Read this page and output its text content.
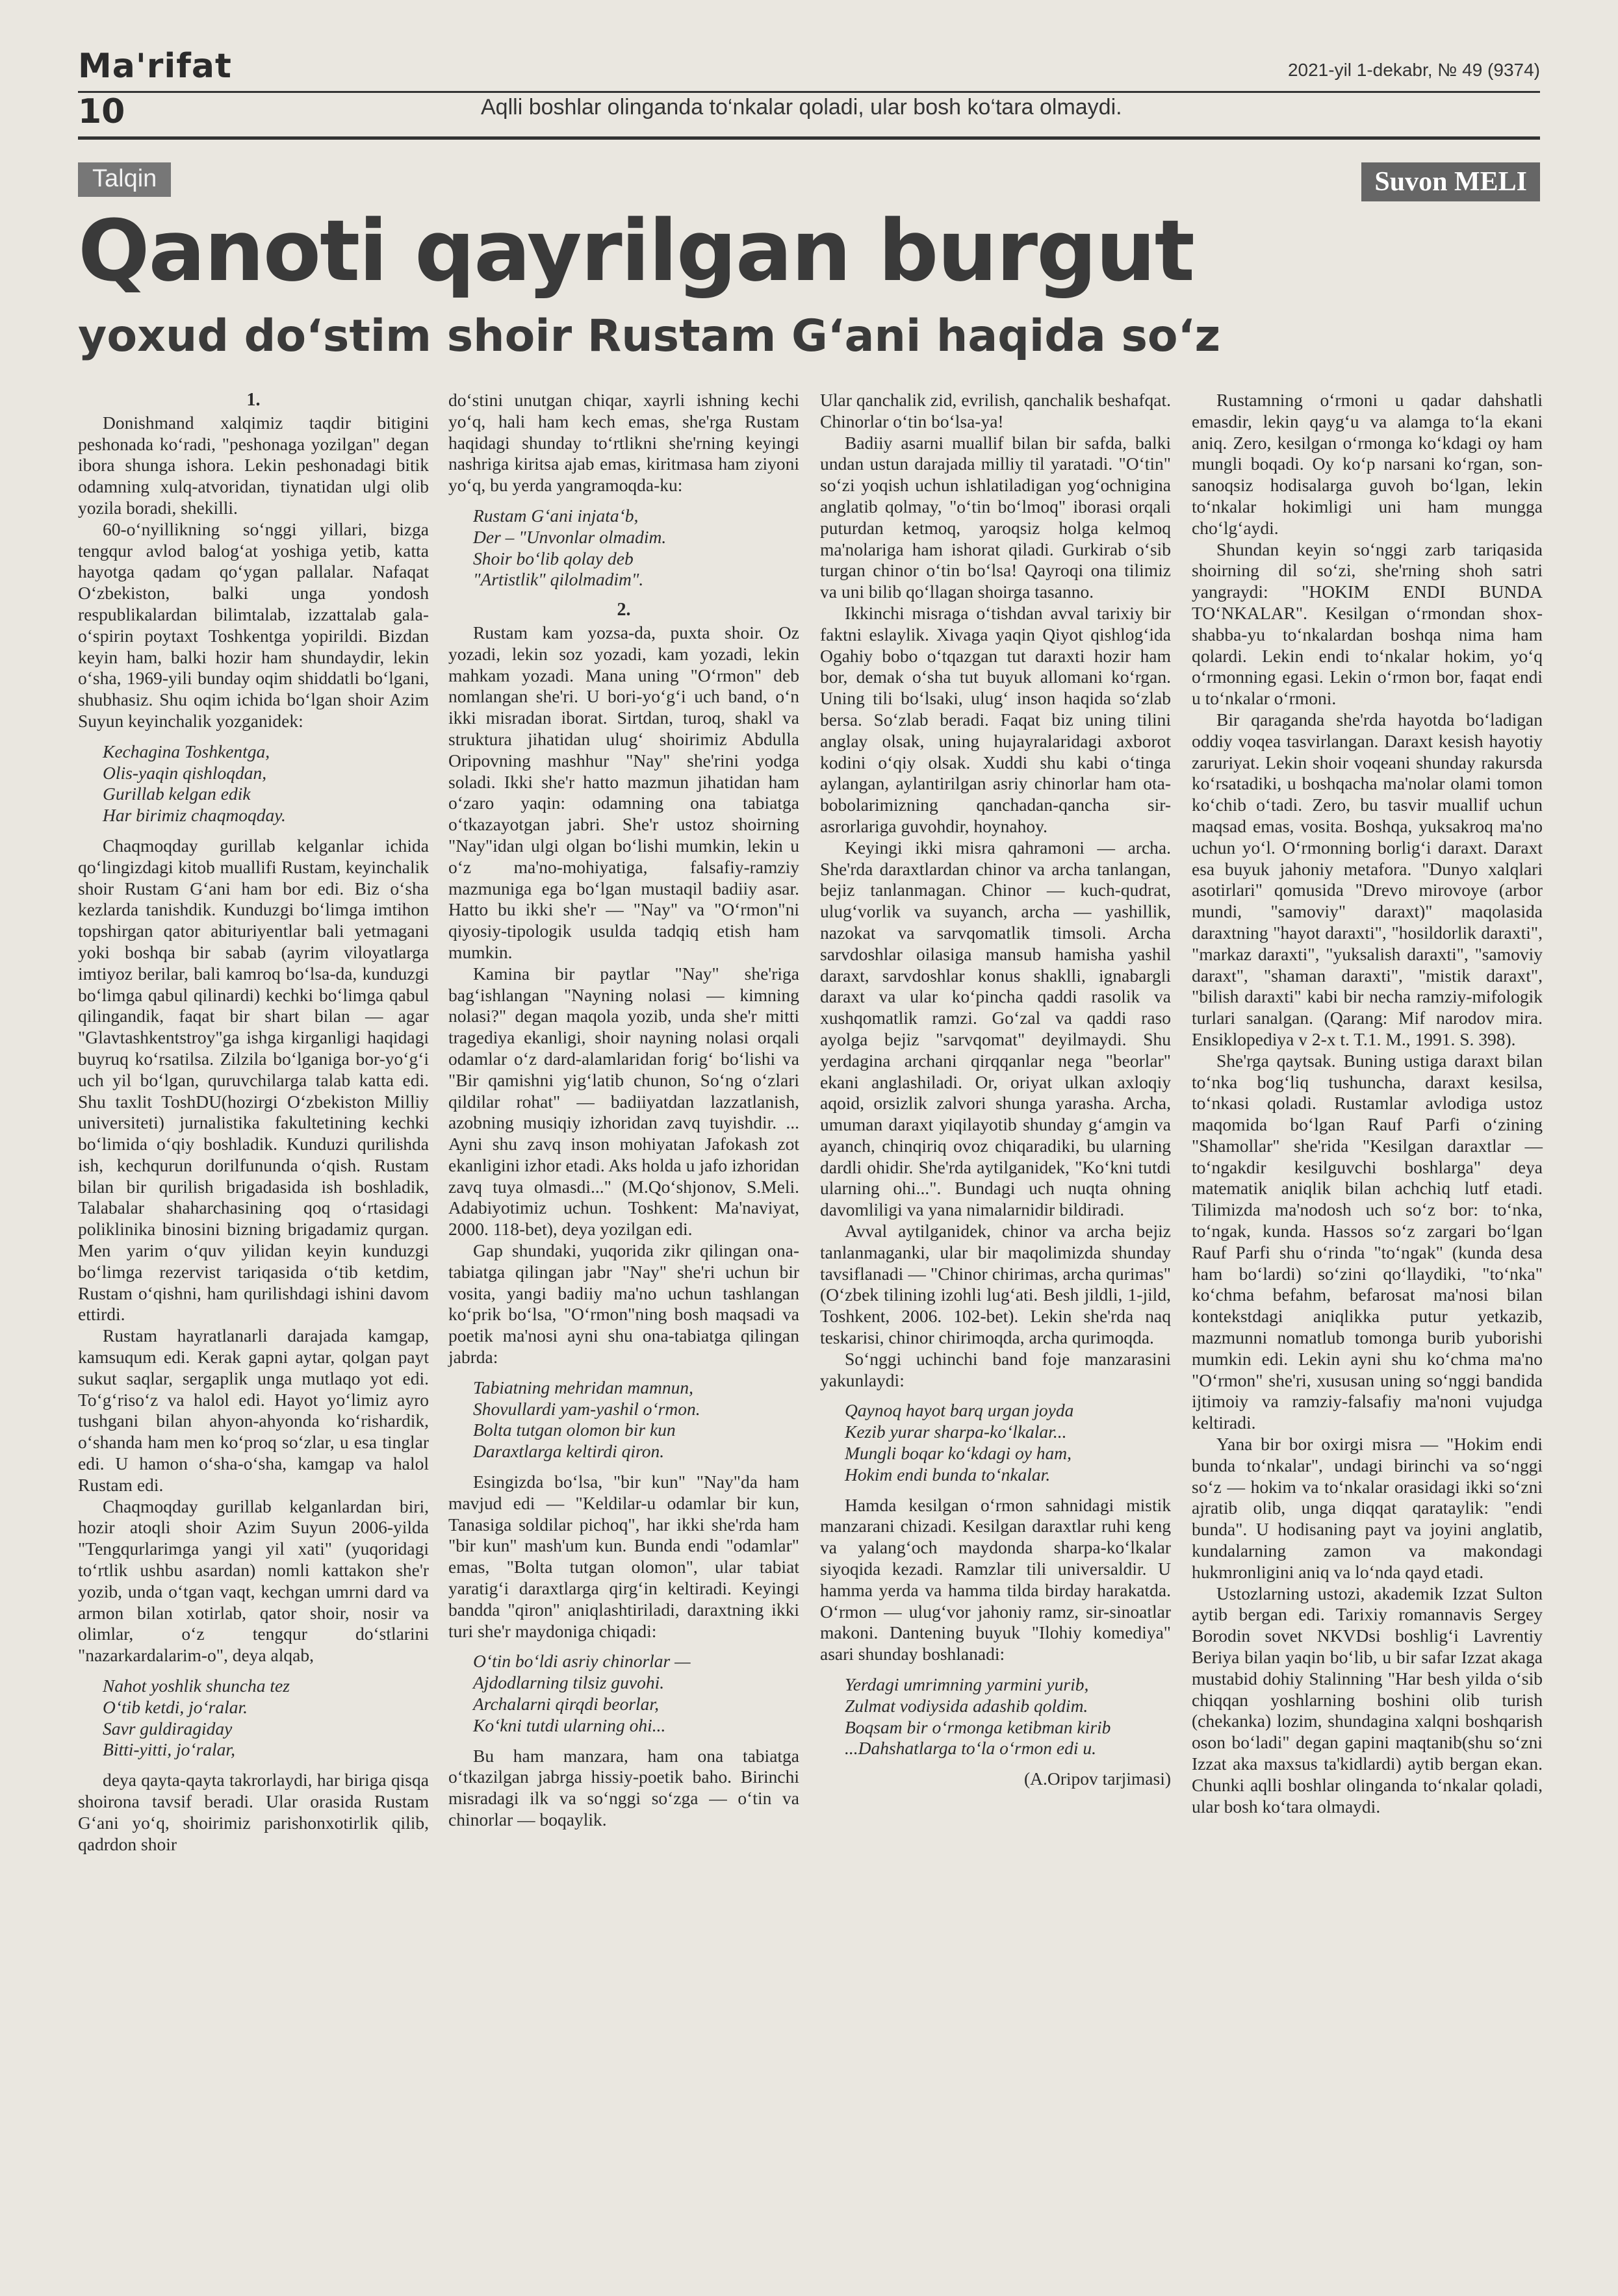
Ma'rifat	2021-yil 1-dekabr, № 49 (9374)
10	Aqlli boshlar olinganda to‘nkalar qoladi, ular bosh ko‘tara olmaydi.
Talqin	Suvon MELI
Qanoti qayrilgan burgut
yoxud do‘stim shoir Rustam G‘ani haqida so‘z
1.

Donishmand xalqimiz taqdir bitigini peshonada ko‘radi, "peshonaga yozilgan" degan ibora shunga ishora. Lekin peshonadagi bitik odamning xulq-atvoridan, tiynatidan ulgi olib yozila boradi, shekilli.

60-o‘nyillikning so‘nggi yillari, bizga tengqur avlod balog‘at yoshiga yetib, katta hayotga qadam qo‘ygan pallalar. Nafaqat O‘zbekiston, balki unga yondosh respublikalardan bilimtalab, izzattalab gala-o‘spirin poytaxt Toshkentga yopirildi. Bizdan keyin ham, balki hozir ham shundaydir, lekin o‘sha, 1969-yili bunday oqim shiddatli bo‘lgani, shubhasiz. Shu oqim ichida bo‘lgan shoir Azim Suyun keyinchalik yozganidek:

Kechagina Toshkentga,
Olis-yaqin qishloqdan,
Gurillab kelgan edik
Har birimiz chaqmoqday.

Chaqmoqday gurillab kelganlar ichida qo‘lingizdagi kitob muallifi Rustam, keyinchalik shoir Rustam G‘ani ham bor edi. Biz o‘sha kezlarda tanishdik. Kunduzgi bo‘limga imtihon topshirgan qator abituriyentlar bali yetmagani yoki boshqa bir sabab (ayrim viloyatlarga imtiyoz berilar, bali kamroq bo‘lsa-da, kunduzgi bo‘limga qabul qilinardi) kechki bo‘limga qabul qilingandik, faqat bir shart bilan — agar "Glavtashkentstroy"ga ishga kirganligi haqidagi buyruq ko‘rsatilsa. Zilzila bo‘lganiga bor-yo‘g‘i uch yil bo‘lgan, quruvchilarga talab katta edi. Shu taxlit ToshDU(hozirgi O‘zbekiston Milliy universiteti) jurnalistika fakultetining kechki bo‘limida o‘qiy boshladik. Kunduzi qurilishda ish, kechqurun dorilfununda o‘qish. Rustam bilan bir qurilish brigadasida ish boshladik, Talabalar shaharchasining qoq o‘rtasidagi poliklinika binosini bizning brigadamiz qurgan. Men yarim o‘quv yilidan keyin kunduzgi bo‘limga rezervist tariqasida o‘tib ketdim, Rustam o‘qishni, ham qurilishdagi ishini davom ettirdi.

Rustam hayratlanarli darajada kamgap, kamsuqum edi. Kerak gapni aytar, qolgan payt sukut saqlar, sergaplik unga mutlaqo yot edi. To‘g‘riso‘z va halol edi. Hayot yo‘limiz ayro tushgani bilan ahyon-ahyonda ko‘rishardik, o‘shanda ham men ko‘proq so‘zlar, u esa tinglar edi. U hamon o‘sha-o‘sha, kamgap va halol Rustam edi.

Chaqmoqday gurillab kelganlardan biri, hozir atoqli shoir Azim Suyun 2006-yilda "Tengqurlarimga yangi yil xati" (yuqoridagi to‘rtlik ushbu asardan) nomli kattakon she'r yozib, unda o‘tgan vaqt, kechgan umrni dard va armon bilan xotirlab, qator shoir, nosir va olimlar, o‘z tengqur do‘stlarini "nazarkardalarim-o", deya alqab,

Nahot yoshlik shuncha tez
O‘tib ketdi, jo‘ralar.
Savr guldiragiday
Bitti-yitti, jo‘ralar,

deya qayta-qayta takrorlaydi, har biriga qisqa shoirona tavsif beradi. Ular orasida Rustam G‘ani yo‘q, shoirimiz parishonxotirlik qilib, qadrdon shoir

do‘stini unutgan chiqar, xayrli ishning kechi yo‘q, hali ham kech emas, she'rga Rustam haqidagi shunday to‘rtlikni she'rning keyingi nashriga kiritsa ajab emas, kiritmasa ham ziyoni yo‘q, bu yerda yangramoqda-ku:

Rustam G‘ani injata‘b,
Der – "Unvonlar olmadim.
Shoir bo‘lib qolay deb
"Artistlik" qilolmadim".
2.

Rustam kam yozsa-da, puxta shoir. Oz yozadi, lekin soz yozadi, kam yozadi, lekin mahkam yozadi. Mana uning "O‘rmon" deb nomlangan she'ri. U bori-yo‘g‘i uch band, o‘n ikki misradan iborat. Sirtdan, turoq, shakl va struktura jihatidan ulug‘ shoirimiz Abdulla Oripovning mashhur "Nay" she'rini yodga soladi. Ikki she'r hatto mazmun jihatidan ham o‘zaro yaqin: odamning ona tabiatga o‘tkazayotgan jabri. She'r ustoz shoirning "Nay"idan ulgi olgan bo‘lishi mumkin, lekin u o‘z ma'no-mohiyatiga, falsafiy-ramziy mazmuniga ega bo‘lgan mustaqil badiiy asar. Hatto bu ikki she'r — "Nay" va "O‘rmon"ni qiyosiy-tipologik usulda tadqiq etish ham mumkin.

Kamina bir paytlar "Nay" she'riga bag‘ishlangan "Nayning nolasi — kimning nolasi?" degan maqola yozib, unda she'r mitti tragediya ekanligi, shoir nayning nolasi orqali odamlar o‘z dard-alamlaridan forig‘ bo‘lishi va "Bir qamishni yig‘latib chunon, So‘ng o‘zlari qildilar rohat" — badiiyatdan lazzatlanish, azobning musiqiy izhoridan zavq tuyishdir. ... Ayni shu zavq inson mohiyatan Jafokash zot ekanligini izhor etadi. Aks holda u jafo izhoridan zavq tuya olmasdi..." (M.Qo‘shjonov, S.Meli. Adabiyotimiz uchun. Toshkent: Ma'naviyat, 2000. 118-bet), deya yozilgan edi.

Gap shundaki, yuqorida zikr qilingan ona-tabiatga qilingan jabr "Nay" she'ri uchun bir vosita, yangi badiiy ma'no uchun tashlangan ko‘prik bo‘lsa, "O‘rmon"ning bosh maqsadi va poetik ma'nosi ayni shu ona-tabiatga qilingan jabrda:

Tabiatning mehridan mamnun,
Shovullardi yam-yashil o‘rmon.
Bolta tutgan olomon bir kun
Daraxtlarga keltirdi qiron.

Esingizda bo‘lsa, "bir kun" "Nay"da ham mavjud edi — "Keldilar-u odamlar bir kun, Tanasiga soldilar pichoq", har ikki she'rda ham "bir kun" mash'um kun. Bunda endi "odamlar" emas, "Bolta tutgan olomon", ular tabiat yaratig‘i daraxtlarga qirg‘in keltiradi. Keyingi bandda "qiron" aniqlashtiriladi, daraxtning ikki turi she'r maydoniga chiqadi:

O‘tin bo‘ldi asriy chinorlar —
Ajdodlarning tilsiz guvohi.
Archalarni qirqdi beorlar,
Ko‘kni tutdi ularning ohi...

Bu ham manzara, ham ona tabiatga o‘tkazilgan jabrga hissiy-poetik baho. Birinchi misradagi ilk va so‘nggi so‘zga — o‘tin va chinorlar — boqaylik.

Ular qanchalik zid, evrilish, qanchalik beshafqat. Chinorlar o‘tin bo‘lsa-ya!

Badiiy asarni muallif bilan bir safda, balki undan ustun darajada milliy til yaratadi. "O‘tin" so‘zi yoqish uchun ishlatiladigan yog‘ochnigina anglatib qolmay, "o‘tin bo‘lmoq" iborasi orqali puturdan ketmoq, yaroqsiz holga kelmoq ma'nolariga ham ishorat qiladi. Gurkirab o‘sib turgan chinor o‘tin bo‘lsa! Qayroqi ona tilimiz va uni bilib qo‘llagan shoirga tasanno.

Ikkinchi misraga o‘tishdan avval tarixiy bir faktni eslaylik. Xivaga yaqin Qiyot qishlog‘ida Ogahiy bobo o‘tqazgan tut daraxti hozir ham bor, demak o‘sha tut buyuk allomani ko‘rgan. Uning tili bo‘lsaki, ulug‘ inson haqida so‘zlab bersa. So‘zlab beradi. Faqat biz uning tilini anglay olsak, uning hujayralaridagi axborot kodini o‘qiy olsak. Xuddi shu kabi o‘tinga aylangan, aylantirilgan asriy chinorlar ham ota-bobolarimizning qanchadan-qancha sir-asrorlariga guvohdir, hoynahoy.

Keyingi ikki misra qahramoni — archa. She'rda daraxtlardan chinor va archa tanlangan, bejiz tanlanmagan. Chinor — kuch-qudrat, ulug‘vorlik va suyanch, archa — yashillik, nazokat va sarvqomatlik timsoli. Archa sarvdoshlar oilasiga mansub hamisha yashil daraxt, sarvdoshlar konus shaklli, ignabargli daraxt va ular ko‘pincha qaddi rasolik va xushqomatlik ramzi. Go‘zal va qaddi raso ayolga bejiz "sarvqomat" deyilmaydi. Shu yerdagina archani qirqqanlar nega "beorlar" ekani anglashiladi. Or, oriyat ulkan axloqiy aqoid, orsizlik zalvori shunga yarasha. Archa, umuman daraxt yiqilayotib shunday g‘amgin va ayanch, chinqiriq ovoz chiqaradiki, bu ularning dardli ohidir. She'rda aytilganidek, "Ko‘kni tutdi ularning ohi...". Bundagi uch nuqta ohning davomliligi va yana nimalarnidir bildiradi.

Avval aytilganidek, chinor va archa bejiz tanlanmaganki, ular bir maqolimizda shunday tavsiflanadi — "Chinor chirimas, archa qurimas" (O‘zbek tilining izohli lug‘ati. Besh jildli, 1-jild, Toshkent, 2006. 102-bet). Lekin she'rda naq teskarisi, chinor chirimoqda, archa qurimoqda.

So‘nggi uchinchi band foje manzarasini yakunlaydi:

Qaynoq hayot barq urgan joyda
Kezib yurar sharpa-ko‘lkalar...
Mungli boqar ko‘kdagi oy ham,
Hokim endi bunda to‘nkalar.

Hamda kesilgan o‘rmon sahnidagi mistik manzarani chizadi. Kesilgan daraxtlar ruhi keng va yalang‘och maydonda sharpa-ko‘lkalar siyoqida kezadi. Ramzlar tili universaldir. U hamma yerda va hamma tilda birday harakatda. O‘rmon — ulug‘vor jahoniy ramz, sir-sinoatlar makoni. Dantening buyuk "Ilohiy komediya" asari shunday boshlanadi:

Yerdagi umrimning yarmini yurib,
Zulmat vodiysida adashib qoldim.
Boqsam bir o‘rmonga ketibman kirib
...Dahshatlarga to‘la o‘rmon edi u.
(A.Oripov tarjimasi)

Rustamning o‘rmoni u qadar dahshatli emasdir, lekin qayg‘u va alamga to‘la ekani aniq. Zero, kesilgan o‘rmonga ko‘kdagi oy ham mungli boqadi. Oy ko‘p narsani ko‘rgan, son-sanoqsiz hodisalarga guvoh bo‘lgan, lekin to‘nkalar hokimligi uni ham mungga cho‘lg‘aydi.

Shundan keyin so‘nggi zarb tariqasida shoirning dil so‘zi, she'rning shoh satri yangraydi: "HOKIM ENDI BUNDA TO‘NKALAR". Kesilgan o‘rmondan shox-shabba-yu to‘nkalardan boshqa nima ham qolardi. Lekin endi to‘nkalar hokim, yo‘q o‘rmonning egasi. Lekin o‘rmon bor, faqat endi u to‘nkalar o‘rmoni.

Bir qaraganda she'rda hayotda bo‘ladigan oddiy voqea tasvirlangan. Daraxt kesish hayotiy zaruriyat. Lekin shoir voqeani shunday rakursda ko‘rsatadiki, u boshqacha ma'nolar olami tomon ko‘chib o‘tadi. Zero, bu tasvir muallif uchun maqsad emas, vosita. Boshqa, yuksakroq ma'no uchun yo‘l. O‘rmonning borlig‘i daraxt. Daraxt esa buyuk jahoniy metafora. "Dunyo xalqlari asotirlari" qomusida "Drevo mirovoye (arbor mundi, "samoviy" daraxt)" maqolasida daraxtning "hayot daraxti", "hosildorlik daraxti", "markaz daraxti", "yuksalish daraxti", "samoviy daraxt", "shaman daraxti", "mistik daraxt", "bilish daraxti" kabi bir necha ramziy-mifologik turlari sanalgan. (Qarang: Mif narodov mira. Ensiklopediya v 2-x t. T.1. M., 1991. S. 398).

She'rga qaytsak. Buning ustiga daraxt bilan to‘nka bog‘liq tushuncha, daraxt kesilsa, to‘nkasi qoladi. Rustamlar avlodiga ustoz maqomida bo‘lgan Rauf Parfi o‘zining "Shamollar" she'rida "Kesilgan daraxtlar — to‘ngakdir kesilguvchi boshlarga" deya matematik aniqlik bilan achchiq lutf etadi. Tilimizda ma'nodosh uch so‘z bor: to‘nka, to‘ngak, kunda. Hassos so‘z zargari bo‘lgan Rauf Parfi shu o‘rinda "to‘ngak" (kunda desa ham bo‘lardi) so‘zini qo‘llaydiki, "to‘nka" ko‘chma befahm, befarosat ma'nosi bilan kontekstdagi aniqlikka putur yetkazib, mazmunni nomatlub tomonga burib yuborishi mumkin edi. Lekin ayni shu ko‘chma ma'no "O‘rmon" she'ri, xususan uning so‘nggi bandida ijtimoiy va ramziy-falsafiy ma'noni vujudga keltiradi.

Yana bir bor oxirgi misra — "Hokim endi bunda to‘nkalar", undagi birinchi va so‘nggi so‘z — hokim va to‘nkalar orasidagi ikki so‘zni ajratib olib, unga diqqat qarataylik: "endi bunda". U hodisaning payt va joyini anglatib, kundalarning zamon va makondagi hukmronligini aniq va lo‘nda qayd etadi.

Ustozlarning ustozi, akademik Izzat Sulton aytib bergan edi. Tarixiy romannavis Sergey Borodin sovet NKVDsi boshlig‘i Lavrentiy Beriya bilan yaqin bo‘lib, u bir safar Izzat akaga mustabid dohiy Stalinning "Har besh yilda o‘sib chiqqan yoshlarning boshini olib turish (chekanka) lozim, shundagina xalqni boshqarish oson bo‘ladi" degan gapini maqtanib(shu so‘zni Izzat aka maxsus ta'kidlardi) aytib bergan ekan. Chunki aqlli boshlar olinganda to‘nkalar qoladi, ular bosh ko‘tara olmaydi.
